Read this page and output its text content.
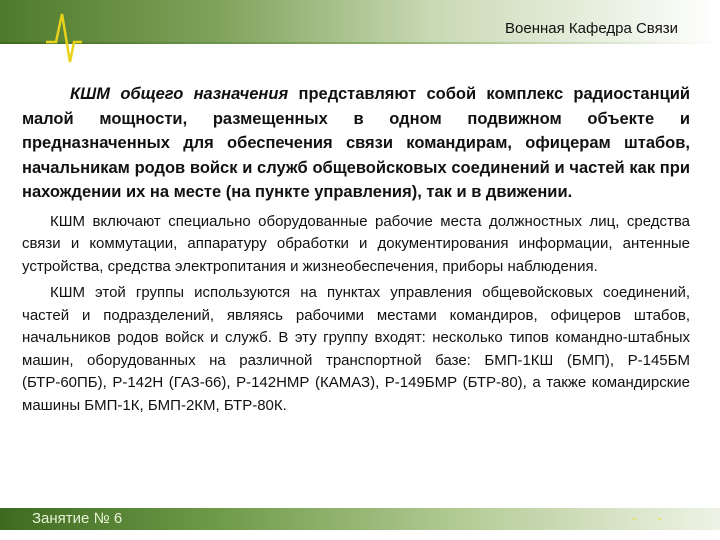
Военная Кафедра Связи

КШМ общего назначения представляют собой комплекс радиостанций малой мощности, размещенных в одном подвижном объекте и предназначенных для обеспечения связи командирам, офицерам штабов, начальникам родов войск и служб общевойсковых соединений и частей как при нахождении их на месте (на пункте управления), так и в движении.

КШМ включают специально оборудованные рабочие места должностных лиц, средства связи и коммутации, аппаратуру обработки и документирования информации, антенные устройства, средства электропитания и жизнеобеспечения, приборы наблюдения.

КШМ этой группы используются на пунктах управления общевойсковых соединений, частей и подразделений, являясь рабочими местами командиров, офицеров штабов, начальников родов войск и служб. В эту группу входят: несколько типов командно-штабных машин, оборудованных на различной транспортной базе: БМП-1КШ (БМП), Р-145БМ (БТР-60ПБ), Р-142Н (ГАЗ-66), Р-142НМР (КАМАЗ), Р-149БМР (БТР-80), а также командирские машины БМП-1К, БМП-2КМ, БТР-80К.

Занятие № 6	- -
